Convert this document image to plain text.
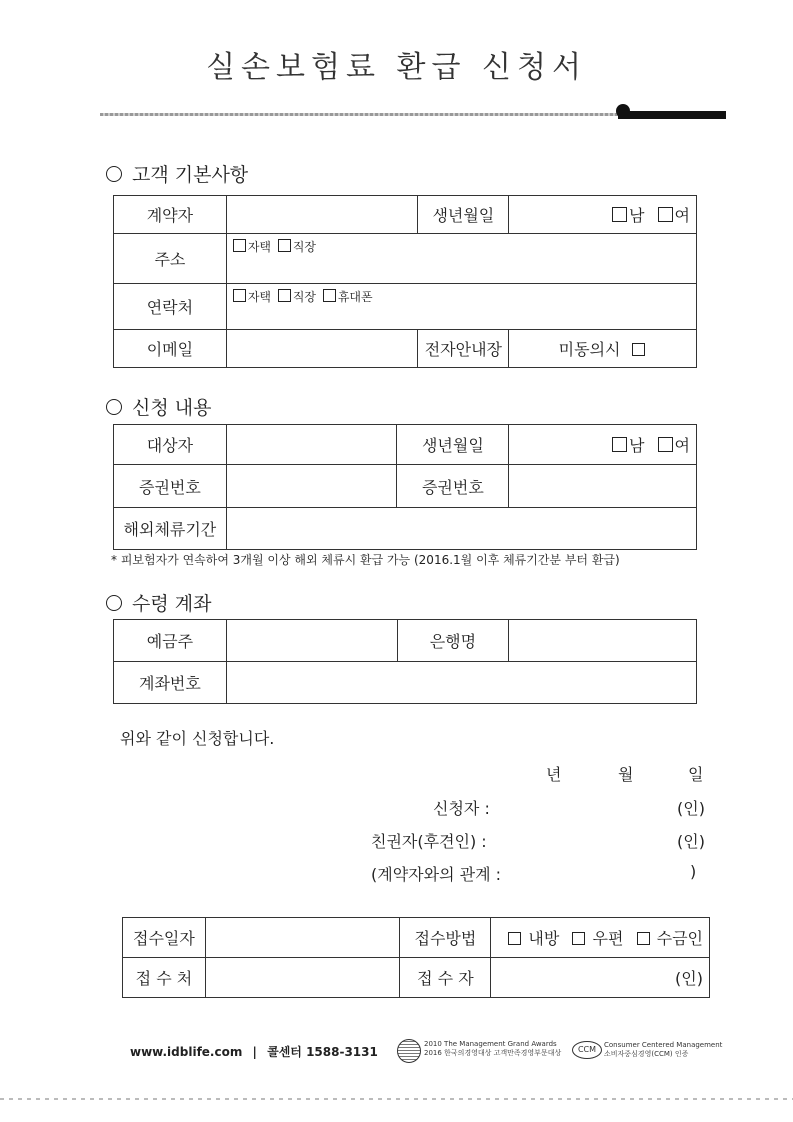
실손보험료 환급 신청서
고객 기본사항
계약자		생년월일	남 여
주소	자택 직장		
연락처	자택 직장 휴대폰		
이메일		전자안내장	미동의시
신청 내용
대상자		생년월일	남 여
증권번호		증권번호	
해외체류기간			
* 피보험자가 연속하여 3개월 이상 해외 체류시 환급 가능 (2016.1월 이후 체류기간분 부터 환급)
수령 계좌
예금주		은행명	
계좌번호			
위와 같이 신청합니다.
년	월	일
신청자 :	(인)
친권자(후견인) :	(인)
(계약자와의 관계 :	)
접수일자		접수방법	내방 우편 수금인
접 수 처		접 수 자	(인)
www.idblife.com | 콜센터 1588-3131
2010 The Management Grand Awards
2016 한국의경영대상 고객만족경영부문대상	CCM	Consumer Centered Management
소비자중심경영(CCM) 인증
